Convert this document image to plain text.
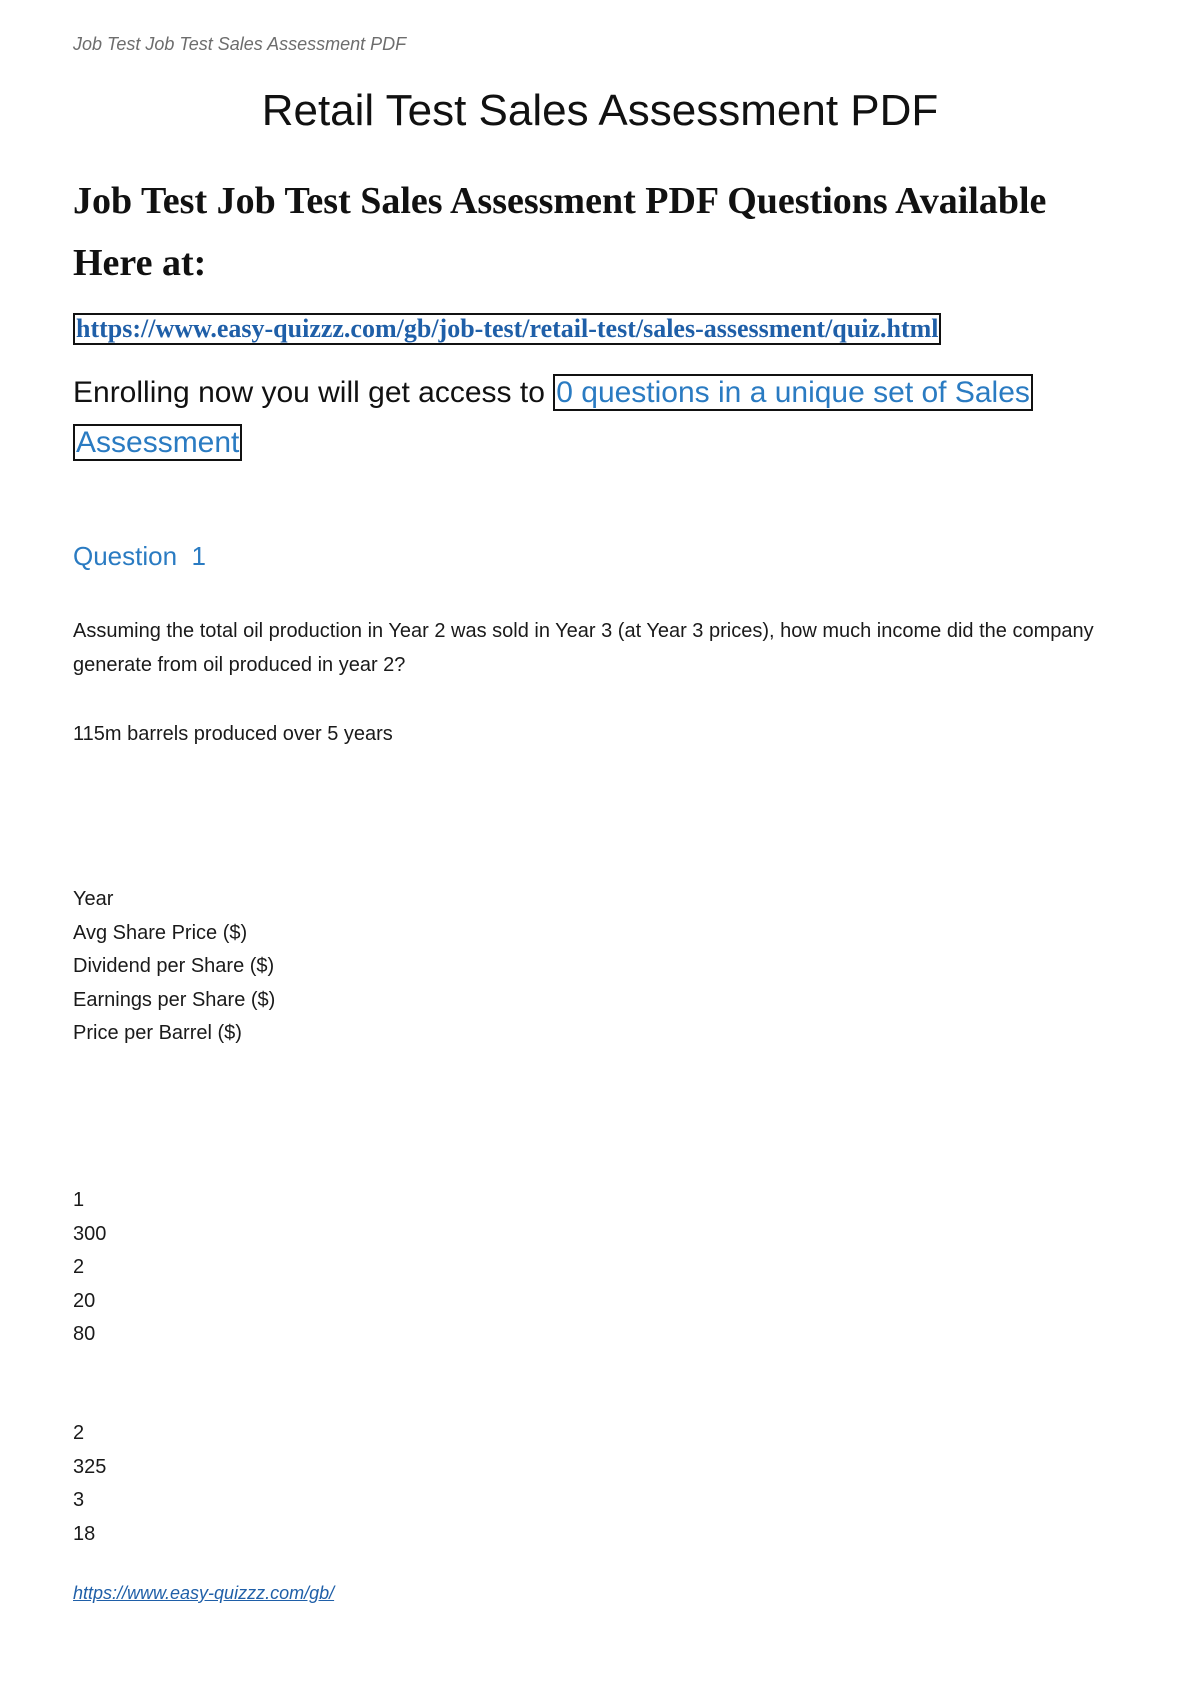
Job Test Job Test Sales Assessment PDF
Retail Test Sales Assessment PDF
Job Test Job Test Sales Assessment PDF Questions Available Here at:
https://www.easy-quizzz.com/gb/job-test/retail-test/sales-assessment/quiz.html

Enrolling now you will get access to 0 questions in a unique set of Sales Assessment

Question  1

Assuming the total oil production in Year 2 was sold in Year 3 (at Year 3 prices), how much income did the company generate from oil produced in year 2?

115m barrels produced over 5 years

Year
Avg Share Price ($)
Dividend per Share ($)
Earnings per Share ($)
Price per Barrel ($)
1
300
2
20
80
2
325
3
18
https://www.easy-quizzz.com/gb/
